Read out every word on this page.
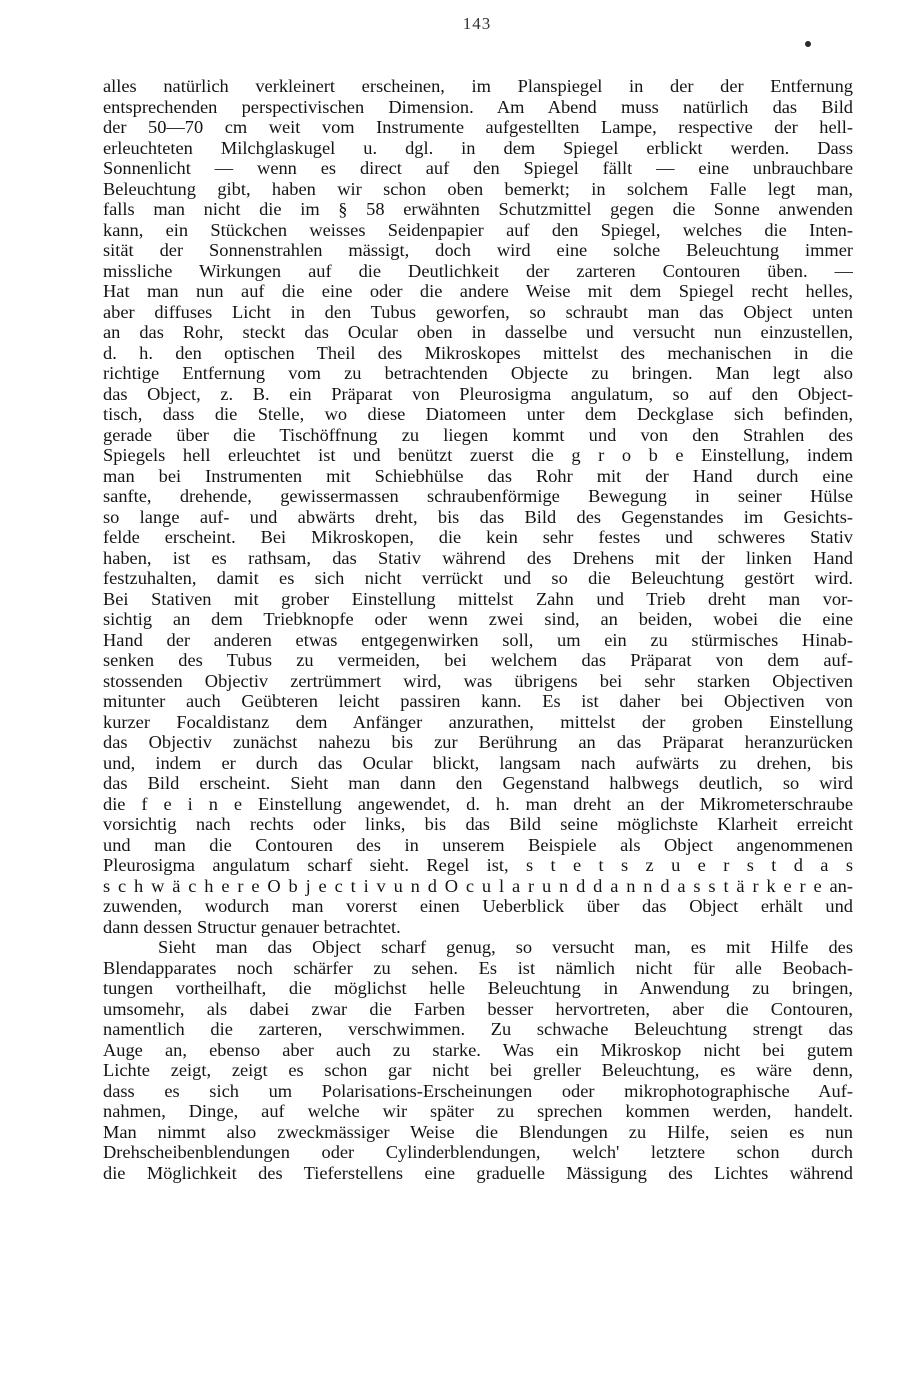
143
alles natürlich verkleinert erscheinen, im Planspiegel in der der Entfernung
entsprechenden perspectivischen Dimension. Am Abend muss natürlich das Bild
der 50—70 cm weit vom Instrumente aufgestellten Lampe, respective der hell-
erleuchteten Milchglaskugel u. dgl. in dem Spiegel erblickt werden. Dass
Sonnenlicht — wenn es direct auf den Spiegel fällt — eine unbrauchbare
Beleuchtung gibt, haben wir schon oben bemerkt; in solchem Falle legt man,
falls man nicht die im § 58 erwähnten Schutzmittel gegen die Sonne anwenden
kann, ein Stückchen weisses Seidenpapier auf den Spiegel, welches die Inten-
sität der Sonnenstrahlen mässigt, doch wird eine solche Beleuchtung immer
missliche Wirkungen auf die Deutlichkeit der zarteren Contouren üben. —
Hat man nun auf die eine oder die andere Weise mit dem Spiegel recht helles,
aber diffuses Licht in den Tubus geworfen, so schraubt man das Object unten
an das Rohr, steckt das Ocular oben in dasselbe und versucht nun einzustellen,
d. h. den optischen Theil des Mikroskopes mittelst des mechanischen in die
richtige Entfernung vom zu betrachtenden Objecte zu bringen. Man legt also
das Object, z. B. ein Präparat von Pleurosigma angulatum, so auf den Object-
tisch, dass die Stelle, wo diese Diatomeen unter dem Deckglase sich befinden,
gerade über die Tischöffnung zu liegen kommt und von den Strahlen des
Spiegels hell erleuchtet ist und benützt zuerst die g r o b e Einstellung, indem
man bei Instrumenten mit Schiebhülse das Rohr mit der Hand durch eine
sanfte, drehende, gewissermassen schraubenförmige Bewegung in seiner Hülse
so lange auf- und abwärts dreht, bis das Bild des Gegenstandes im Gesichts-
felde erscheint. Bei Mikroskopen, die kein sehr festes und schweres Stativ
haben, ist es rathsam, das Stativ während des Drehens mit der linken Hand
festzuhalten, damit es sich nicht verrückt und so die Beleuchtung gestört wird.
Bei Stativen mit grober Einstellung mittelst Zahn und Trieb dreht man vor-
sichtig an dem Triebknopfe oder wenn zwei sind, an beiden, wobei die eine
Hand der anderen etwas entgegenwirken soll, um ein zu stürmisches Hinab-
senken des Tubus zu vermeiden, bei welchem das Präparat von dem auf-
stossenden Objectiv zertrümmert wird, was übrigens bei sehr starken Objectiven
mitunter auch Geübteren leicht passiren kann. Es ist daher bei Objectiven von
kurzer Focaldistanz dem Anfänger anzurathen, mittelst der groben Einstellung
das Objectiv zunächst nahezu bis zur Berührung an das Präparat heranzurücken
und, indem er durch das Ocular blickt, langsam nach aufwärts zu drehen, bis
das Bild erscheint. Sieht man dann den Gegenstand halbwegs deutlich, so wird
die f e i n e Einstellung angewendet, d. h. man dreht an der Mikrometerschraube
vorsichtig nach rechts oder links, bis das Bild seine möglichste Klarheit erreicht
und man die Contouren des in unserem Beispiele als Object angenommenen
Pleurosigma angulatum scharf sieht. Regel ist, s t e t s z u e r s t d a s
s c h w ä c h e r e O b j e c t i v u n d O c u l a r u n d d a n n d a s s t ä r k e r e an-
zuwenden, wodurch man vorerst einen Ueberblick über das Object erhält und
dann dessen Structur genauer betrachtet.
Sieht man das Object scharf genug, so versucht man, es mit Hilfe des
Blendapparates noch schärfer zu sehen. Es ist nämlich nicht für alle Beobach-
tungen vortheilhaft, die möglichst helle Beleuchtung in Anwendung zu bringen,
umsomehr, als dabei zwar die Farben besser hervortreten, aber die Contouren,
namentlich die zarteren, verschwimmen. Zu schwache Beleuchtung strengt das
Auge an, ebenso aber auch zu starke. Was ein Mikroskop nicht bei gutem
Lichte zeigt, zeigt es schon gar nicht bei greller Beleuchtung, es wäre denn,
dass es sich um Polarisations-Erscheinungen oder mikrophotographische Auf-
nahmen, Dinge, auf welche wir später zu sprechen kommen werden, handelt.
Man nimmt also zweckmässiger Weise die Blendungen zu Hilfe, seien es nun
Drehscheibenblendungen oder Cylinderblendungen, welch' letztere schon durch
die Möglichkeit des Tieferstellens eine graduelle Mässigung des Lichtes während
